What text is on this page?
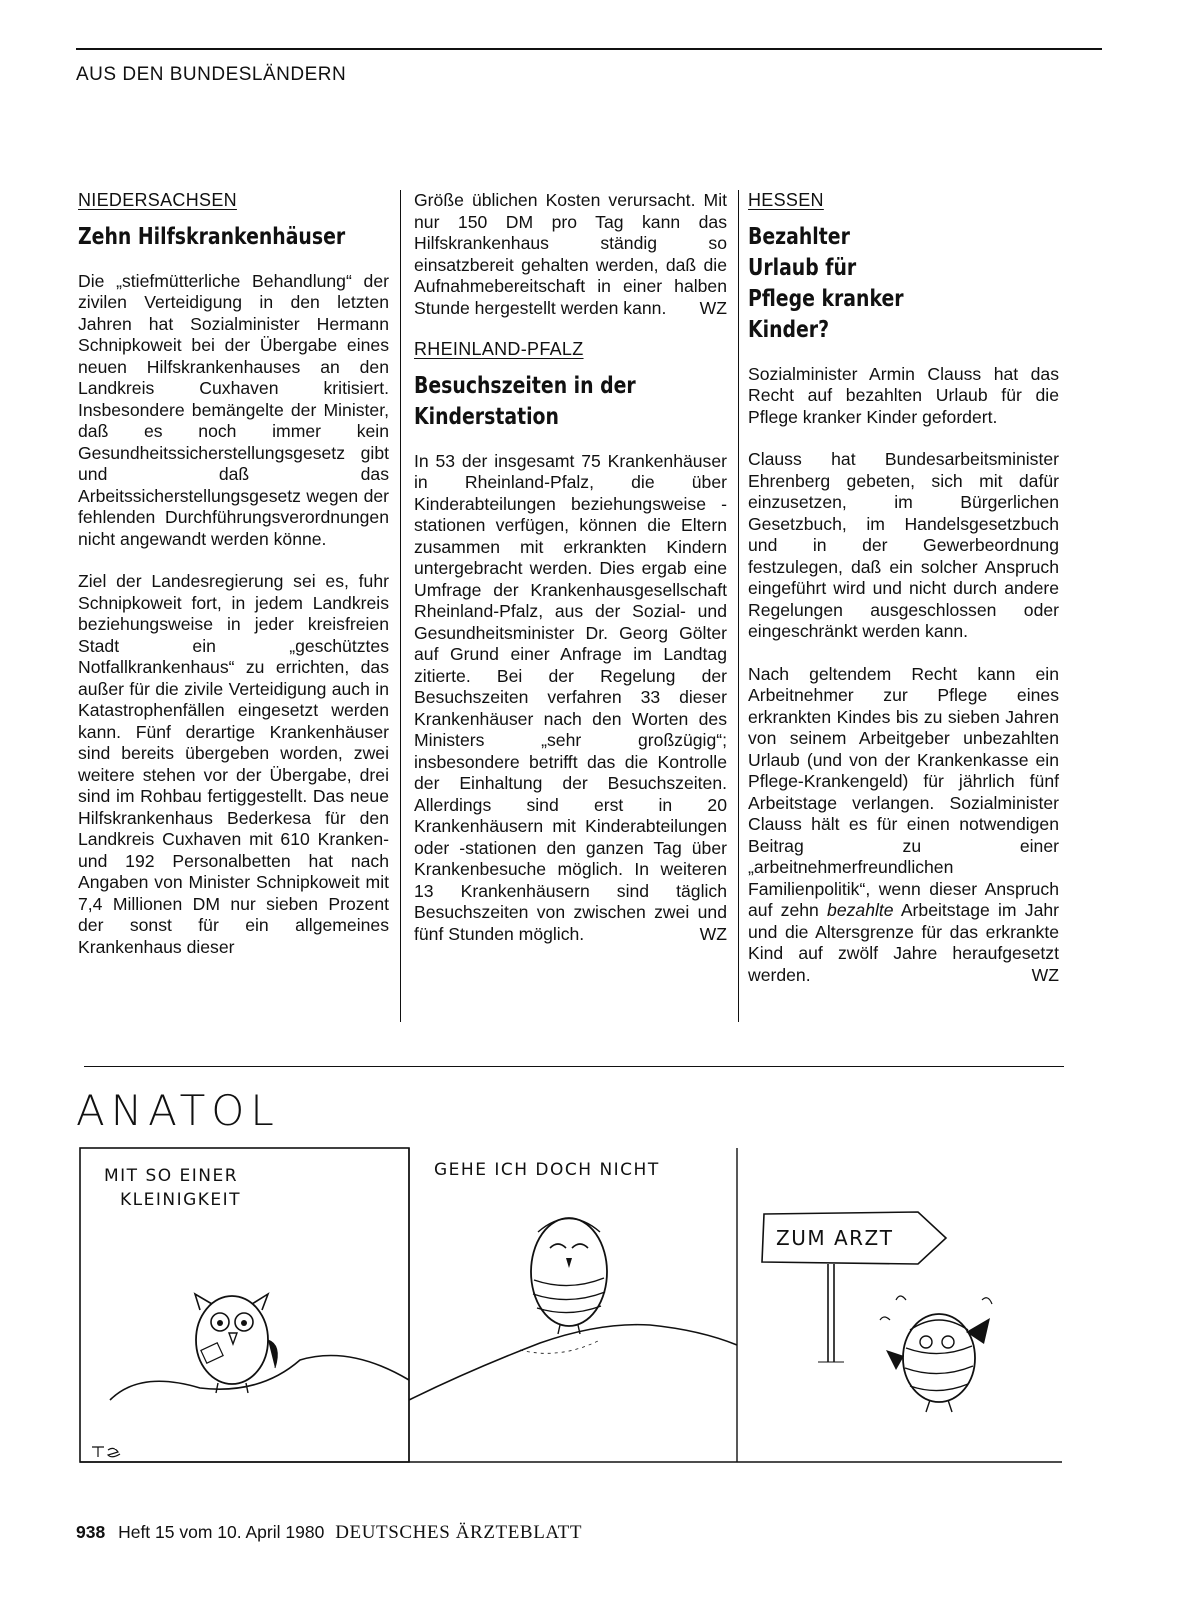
AUS DEN BUNDESLÄNDERN
NIEDERSACHSEN
Zehn Hilfskrankenhäuser

Die „stiefmütterliche Behandlung“ der zivilen Verteidigung in den letzten Jahren hat Sozialminister Hermann Schnipkoweit bei der Übergabe eines neuen Hilfskrankenhauses an den Landkreis Cuxhaven kritisiert. Insbesondere bemängelte der Minister, daß es noch immer kein Gesundheitssicherstellungsgesetz gibt und daß das Arbeitssicherstellungsgesetz wegen der fehlenden Durchführungsverordnungen nicht angewandt werden könne.

Ziel der Landesregierung sei es, fuhr Schnipkoweit fort, in jedem Landkreis beziehungsweise in jeder kreisfreien Stadt ein „geschütztes Notfallkrankenhaus“ zu errichten, das außer für die zivile Verteidigung auch in Katastrophenfällen eingesetzt werden kann. Fünf derartige Krankenhäuser sind bereits übergeben worden, zwei weitere stehen vor der Übergabe, drei sind im Rohbau fertiggestellt. Das neue Hilfskrankenhaus Bederkesa für den Landkreis Cuxhaven mit 610 Kranken- und 192 Personalbetten hat nach Angaben von Minister Schnipkoweit mit 7,4 Millionen DM nur sieben Prozent der sonst für ein allgemeines Krankenhaus dieser

Größe üblichen Kosten verursacht. Mit nur 150 DM pro Tag kann das Hilfskrankenhaus ständig so einsatzbereit gehalten werden, daß die Aufnahmebereitschaft in einer halben Stunde hergestellt werden kann. WZ

RHEINLAND-PFALZ
Besuchszeiten in der Kinderstation

In 53 der insgesamt 75 Krankenhäuser in Rheinland-Pfalz, die über Kinderabteilungen beziehungsweise -stationen verfügen, können die Eltern zusammen mit erkrankten Kindern untergebracht werden. Dies ergab eine Umfrage der Krankenhausgesellschaft Rheinland-Pfalz, aus der Sozial- und Gesundheitsminister Dr. Georg Gölter auf Grund einer Anfrage im Landtag zitierte. Bei der Regelung der Besuchszeiten verfahren 33 dieser Krankenhäuser nach den Worten des Ministers „sehr großzügig“; insbesondere betrifft das die Kontrolle der Einhaltung der Besuchszeiten. Allerdings sind erst in 20 Krankenhäusern mit Kinderabteilungen oder -stationen den ganzen Tag über Krankenbesuche möglich. In weiteren 13 Krankenhäusern sind täglich Besuchszeiten von zwischen zwei und fünf Stunden möglich.	WZ

HESSEN
Bezahlter Urlaub für Pflege kranker Kinder?

Sozialminister Armin Clauss hat das Recht auf bezahlten Urlaub für die Pflege kranker Kinder gefordert.

Clauss hat Bundesarbeitsminister Ehrenberg gebeten, sich mit dafür einzusetzen, im Bürgerlichen Gesetzbuch, im Handelsgesetzbuch und in der Gewerbeordnung festzulegen, daß ein solcher Anspruch eingeführt wird und nicht durch andere Regelungen ausgeschlossen oder eingeschränkt werden kann.

Nach geltendem Recht kann ein Arbeitnehmer zur Pflege eines erkrankten Kindes bis zu sieben Jahren von seinem Arbeitgeber unbezahlten Urlaub (und von der Krankenkasse ein Pflege-Krankengeld) für jährlich fünf Arbeitstage verlangen. Sozialminister Clauss hält es für einen notwendigen Beitrag zu einer „arbeitnehmerfreundlichen Familienpolitik“, wenn dieser Anspruch auf zehn bezahlte Arbeitstage im Jahr und die Altersgrenze für das erkrankte Kind auf zwölf Jahre heraufgesetzt werden.	WZ

ANATOL
MIT SO EINER
KLEINIGKEIT
GEHE ICH DOCH NICHT
ZUM ARZT
TeL
938 Heft 15 vom 10. April 1980 DEUTSCHES ÄRZTEBLATT
